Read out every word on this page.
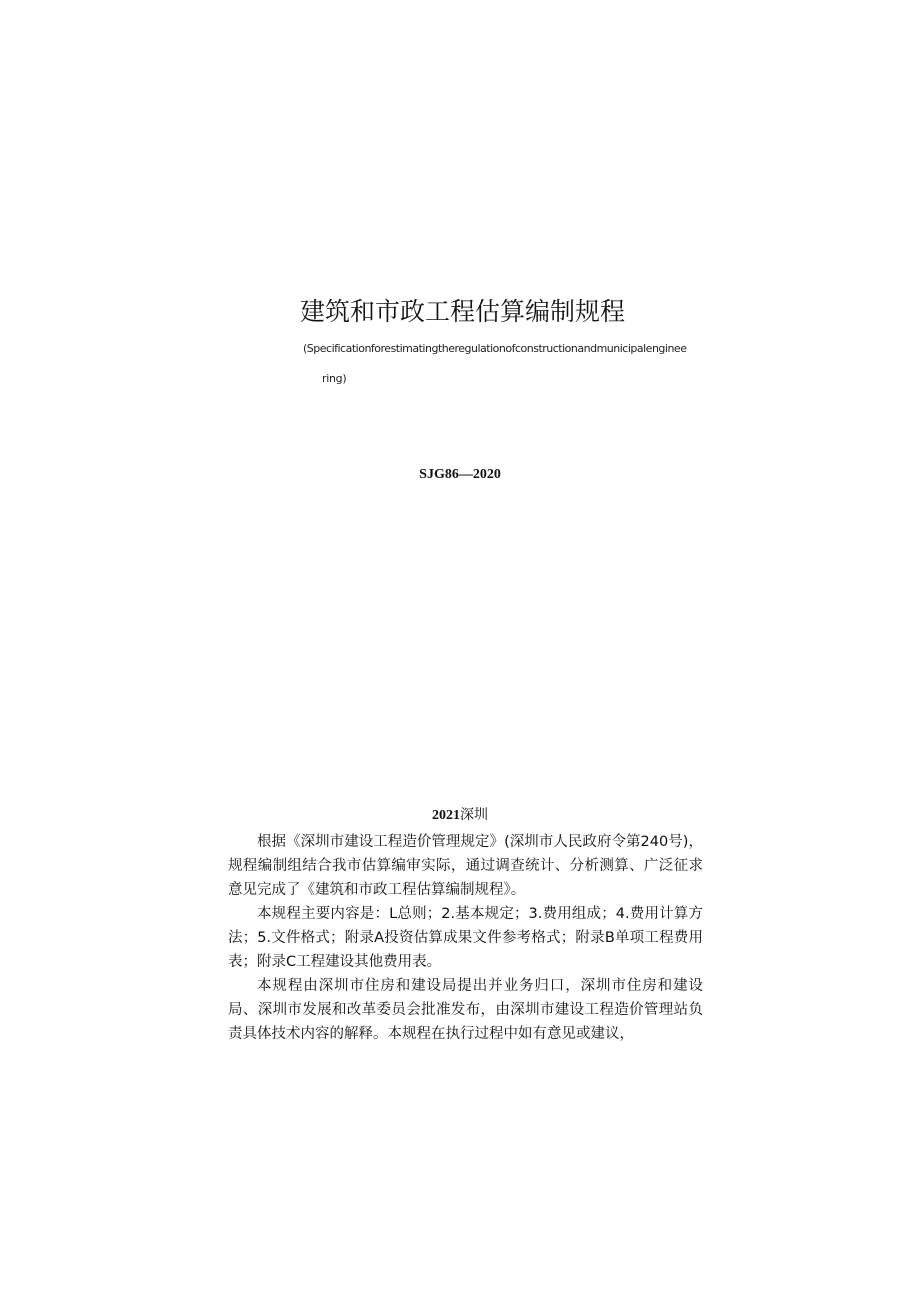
建筑和市政工程估算编制规程
(Specificationforestimatingtheregulationofconstructionandmunicipalenginee
ring)
SJG86—2020
2021深圳

根据《深圳市建设工程造价管理规定》(深圳市人民政府令第240号)，规程编制组结合我市估算编审实际，通过调查统计、分析测算、广泛征求意见完成了《建筑和市政工程估算编制规程》。

本规程主要内容是：L总则；2.基本规定；3.费用组成；4.费用计算方法；5.文件格式；附录A投资估算成果文件参考格式；附录B单项工程费用表；附录C工程建设其他费用表。

本规程由深圳市住房和建设局提出并业务归口，深圳市住房和建设局、深圳市发展和改革委员会批准发布，由深圳市建设工程造价管理站负责具体技术内容的解释。本规程在执行过程中如有意见或建议，
